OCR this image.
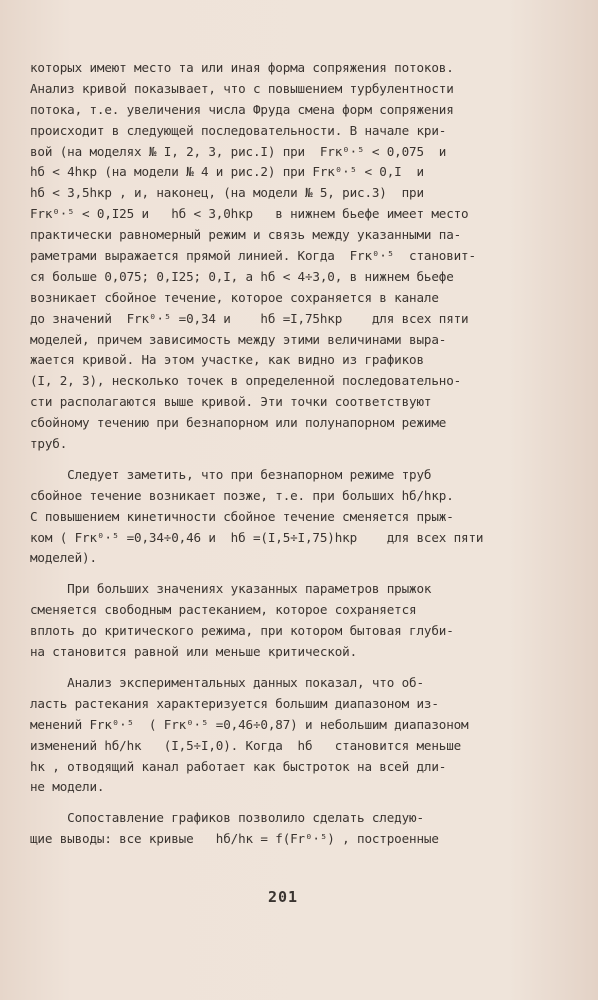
которых имеют место та или иная форма сопряжения потоков.
Анализ кривой показывает, что с повышением турбулентности
потока, т.е. увеличения числа Фруда смена форм сопряжения
происходит в следующей последовательности. В начале кри-
вой (на моделях № I, 2, 3, рис.I) при  Frк⁰·⁵ < 0,075  и
hб < 4hкр (на модели № 4 и рис.2) при Frк⁰·⁵ < 0,I  и
hб < 3,5hкр , и, наконец, (на модели № 5, рис.3)  при
Frк⁰·⁵ < 0,I25 и   hб < 3,0hкр   в нижнем бьефе имеет место
практически равномерный режим и связь между указанными па-
раметрами выражается прямой линией. Когда  Frк⁰·⁵  становит-
ся больше 0,075; 0,I25; 0,I, а hб < 4÷3,0, в нижнем бьефе
возникает сбойное течение, которое сохраняется в канале
до значений  Frк⁰·⁵ =0,34 и    hб =I,75hкр    для всех пяти
моделей, причем зависимость между этими величинами выра-
жается кривой. На этом участке, как видно из графиков
(I, 2, 3), несколько точек в определенной последовательно-
сти располагаются выше кривой. Эти точки соответствуют
сбойному течению при безнапорном или полунапорном режиме
труб.
Следует заметить, что при безнапорном режиме труб
сбойное течение возникает позже, т.е. при больших hб/hкр.
С повышением кинетичности сбойное течение сменяется прыж-
ком ( Frк⁰·⁵ =0,34÷0,46 и  hб =(I,5÷I,75)hкр    для всех пяти
моделей).
При больших значениях указанных параметров прыжок
сменяется свободным растеканием, которое сохраняется
вплоть до критического режима, при котором бытовая глуби-
на становится равной или меньше критической.
Анализ экспериментальных данных показал, что об-
ласть растекания характеризуется большим диапазоном из-
менений Frк⁰·⁵  ( Frк⁰·⁵ =0,46÷0,87) и небольшим диапазоном
изменений hб/hк   (I,5÷I,0). Когда  hб   становится меньше
hк , отводящий канал работает как быстроток на всей дли-
не модели.
Сопоставление графиков позволило сделать следую-
щие выводы: все кривые   hб/hк = f(Fr⁰·⁵) , построенные
201
